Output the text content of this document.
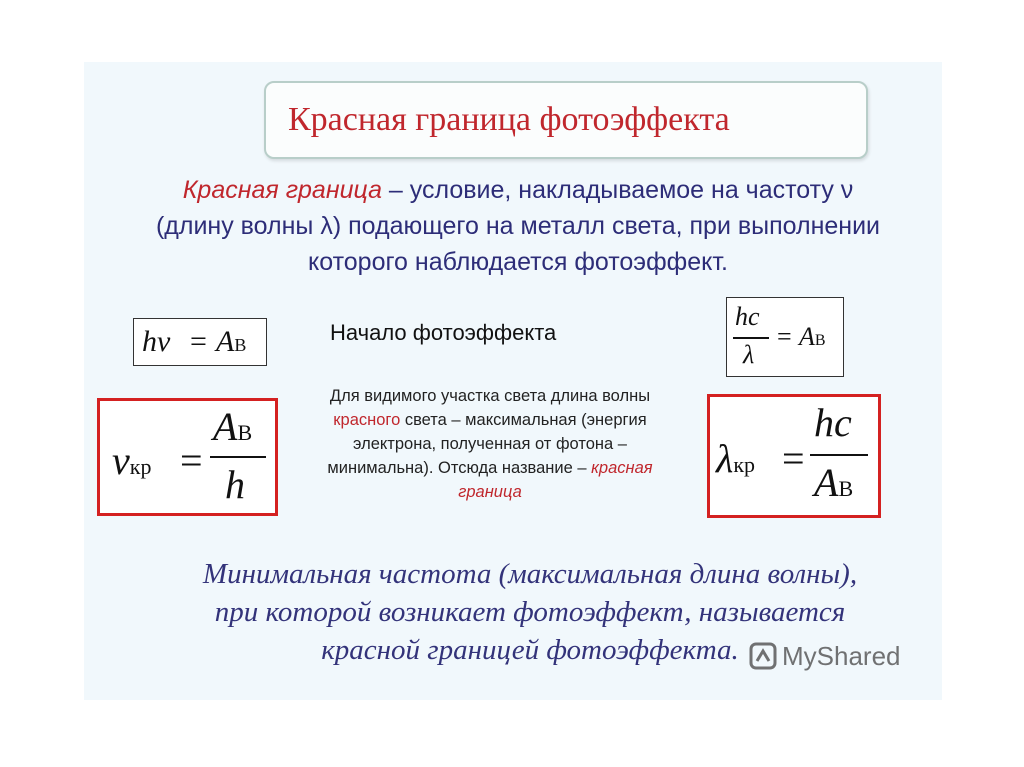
Красная граница фотоэффекта
Красная граница – условие, накладываемое на частоту ν
(длину волны λ) подающего на металл света, при выполнении
которого наблюдается фотоэффект.
hν = AВ	Начало фотоэффекта
hc
λ
= AВ
νкр =
AВ
h
Для видимого участка света длина волны
красного света – максимальная (энергия
электрона, полученная от фотона –
минимальна). Отсюда название – красная
граница
λкр =
hc
AВ
Минимальная частота (максимальная длина волны),
при которой возникает фотоэффект, называется
красной границей фотоэффекта.	MyShared
